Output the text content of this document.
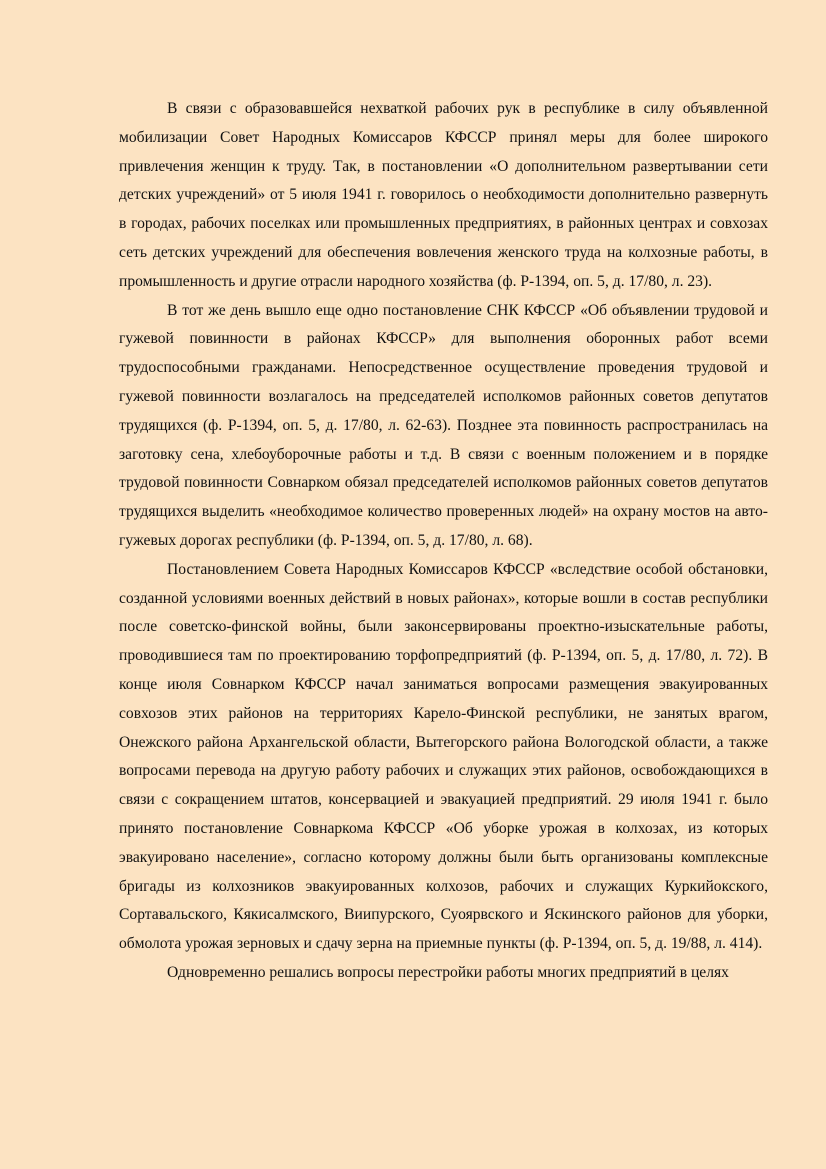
В связи с образовавшейся нехваткой рабочих рук в республике в силу объявленной мобилизации Совет Народных Комиссаров КФССР принял меры для более широкого привлечения женщин к труду. Так, в постановлении «О дополнительном развертывании сети детских учреждений» от 5 июля 1941 г. говорилось о необходимости дополнительно развернуть в городах, рабочих поселках или промышленных предприятиях, в районных центрах и совхозах сеть детских учреждений для обеспечения вовлечения женского труда на колхозные работы, в промышленность и другие отрасли народного хозяйства (ф. Р-1394, оп. 5, д. 17/80, л. 23).

В тот же день вышло еще одно постановление СНК КФССР «Об объявлении трудовой и гужевой повинности в районах КФССР» для выполнения оборонных работ всеми трудоспособными гражданами. Непосредственное осуществление проведения трудовой и гужевой повинности возлагалось на председателей исполкомов районных советов депутатов трудящихся (ф. Р-1394, оп. 5, д. 17/80, л. 62-63). Позднее эта повинность распространилась на заготовку сена, хлебоуборочные работы и т.д. В связи с военным положением и в порядке трудовой повинности Совнарком обязал председателей исполкомов районных советов депутатов трудящихся выделить «необходимое количество проверенных людей» на охрану мостов на авто-гужевых дорогах республики (ф. Р-1394, оп. 5, д. 17/80, л. 68).

Постановлением Совета Народных Комиссаров КФССР «вследствие особой обстановки, созданной условиями военных действий в новых районах», которые вошли в состав республики после советско-финской войны, были законсервированы проектно-изыскательные работы, проводившиеся там по проектированию торфопредприятий (ф. Р-1394, оп. 5, д. 17/80, л. 72). В конце июля Совнарком КФССР начал заниматься вопросами размещения эвакуированных совхозов этих районов на территориях Карело-Финской республики, не занятых врагом, Онежского района Архангельской области, Вытегорского района Вологодской области, а также вопросами перевода на другую работу рабочих и служащих этих районов, освобождающихся в связи с сокращением штатов, консервацией и эвакуацией предприятий. 29 июля 1941 г. было принято постановление Совнаркома КФССР «Об уборке урожая в колхозах, из которых эвакуировано население», согласно которому должны были быть организованы комплексные бригады из колхозников эвакуированных колхозов, рабочих и служащих Куркийокского, Сортавальского, Кякисалмского, Виипурского, Суоярвского и Яскинского районов для уборки, обмолота урожая зерновых и сдачу зерна на приемные пункты (ф. Р-1394, оп. 5, д. 19/88, л. 414).

Одновременно решались вопросы перестройки работы многих предприятий в целях
